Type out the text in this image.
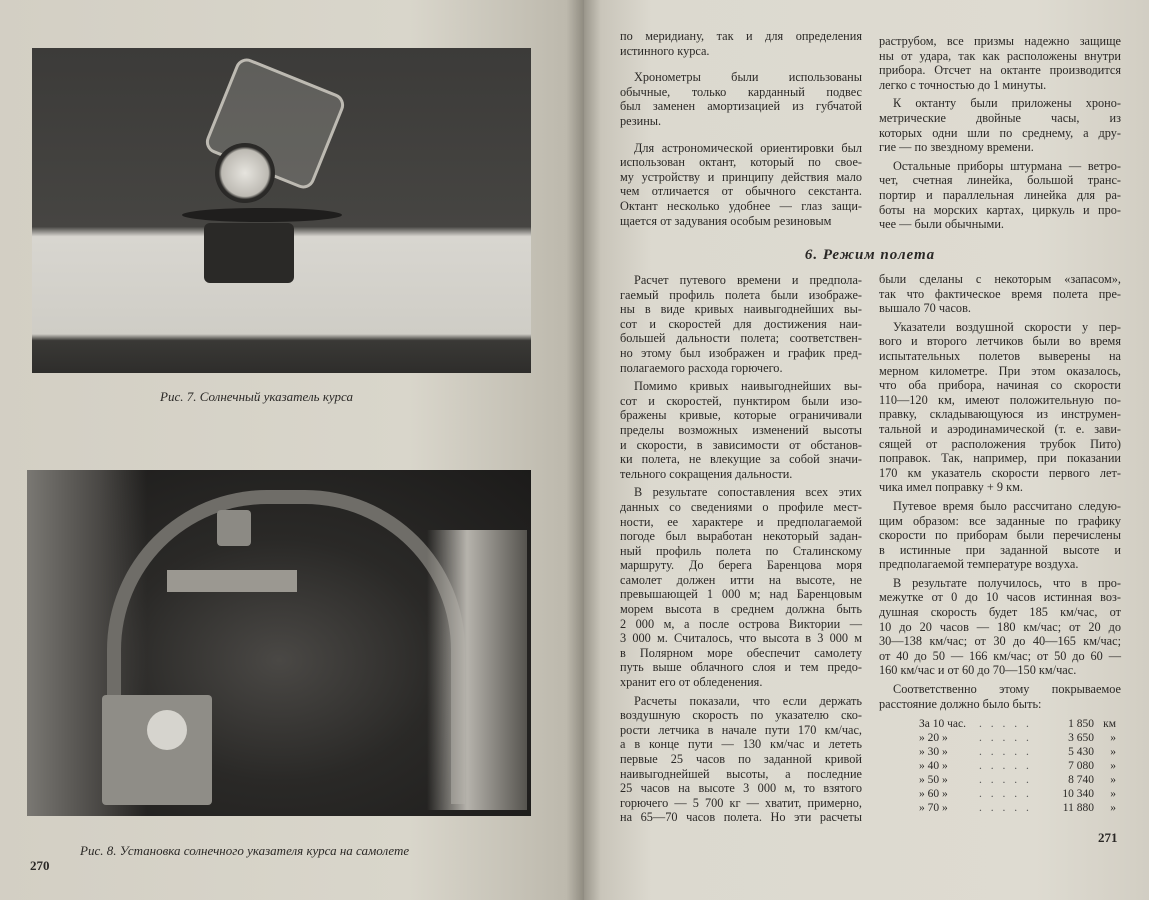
Рис. 7. Солнечный указатель курса
Рис. 8. Установка солнечного указателя курса на самолете
270
по меридиану, так и для определения
истинного курса.
Хронометры были использованы
обычные, только карданный подвес
был заменен амортизацией из губчатой
резины.
Для астрономической ориентировки был
использован октант, который по свое-
му устройству и принципу действия мало
чем отличается от обычного секстанта.
Октант несколько удобнее — глаз защи-
щается от задувания особым резиновым
раструбом, все призмы надежно защище
ны от удара, так как расположены внутри
прибора. Отсчет на октанте производится
легко с точностью до 1 минуты.
К октанту были приложены хроно-
метрические двойные часы, из
которых одни шли по среднему, а дру-
гие — по звездному времени.
Остальные приборы штурмана — ветро-
чет, счетная линейка, большой транс-
портир и параллельная линейка для ра-
боты на морских картах, циркуль и про-
чее — были обычными.
6. Режим полета
Расчет путевого времени и предпола-
гаемый профиль полета были изображе-
ны в виде кривых наивыгоднейших вы-
сот и скоростей для достижения наи-
большей дальности полета; соответствен-
но этому был изображен и график пред-
полагаемого расхода горючего.
Помимо кривых наивыгоднейших вы-
сот и скоростей, пунктиром были изо-
бражены кривые, которые ограничивали
пределы возможных изменений высоты
и скорости, в зависимости от обстанов-
ки полета, не влекущие за собой значи-
тельного сокращения дальности.
В результате сопоставления всех этих
данных со сведениями о профиле мест-
ности, ее характере и предполагаемой
погоде был выработан некоторый задан-
ный профиль полета по Сталинскому
маршруту. До берега Баренцова моря
самолет должен итти на высоте, не
превышающей 1 000 м; над Баренцовым
морем высота в среднем должна быть
2 000 м, а после острова Виктории —
3 000 м. Считалось, что высота в 3 000 м
в Полярном море обеспечит самолету
путь выше облачного слоя и тем предо-
хранит его от обледенения.
Расчеты показали, что если держать
воздушную скорость по указателю ско-
рости летчика в начале пути 170 км/час,
а в конце пути — 130 км/час и лететь
первые 25 часов по заданной кривой
наивыгоднейшей высоты, а последние
25 часов на высоте 3 000 м, то взятого
горючего — 5 700 кг — хватит, примерно,
на 65—70 часов полета. Но эти расчеты
были сделаны с некоторым «запасом»,
так что фактическое время полета пре-
вышало 70 часов.
Указатели воздушной скорости у пер-
вого и второго летчиков были во время
испытательных полетов выверены на
мерном километре. При этом оказалось,
что оба прибора, начиная со скорости
110—120 км, имеют положительную по-
правку, складывающуюся из инструмен-
тальной и аэродинамической (т. е. зави-
сящей от расположения трубок Пито)
поправок. Так, например, при показании
170 км указатель скорости первого лет-
чика имел поправку + 9 км.
Путевое время было рассчитано следую-
щим образом: все заданные по графику
скорости по приборам были перечислены
в истинные при заданной высоте и
предполагаемой температуре воздуха.
В результате получилось, что в про-
межутке от 0 до 10 часов истинная воз-
душная скорость будет 185 км/час, от
10 до 20 часов — 180 км/час; от 20 до
30—138 км/час; от 30 до 40—165 км/час;
от 40 до 50 — 166 км/час; от 50 до 60 —
160 км/час и от 60 до 70—150 км/час.
Соответственно этому покрываемое
расстояние должно было быть:
За 10 час.	. . . . .	1 850 км
» 20 »	. . . . .	3 650	»
» 30 »	. . . . .	5 430	»
» 40 »	. . . . .	7 080	»
» 50 »	. . . . .	8 740	»
» 60 »	. . . . .	10 340	»
» 70 »	. . . . .	11 880	»
271
